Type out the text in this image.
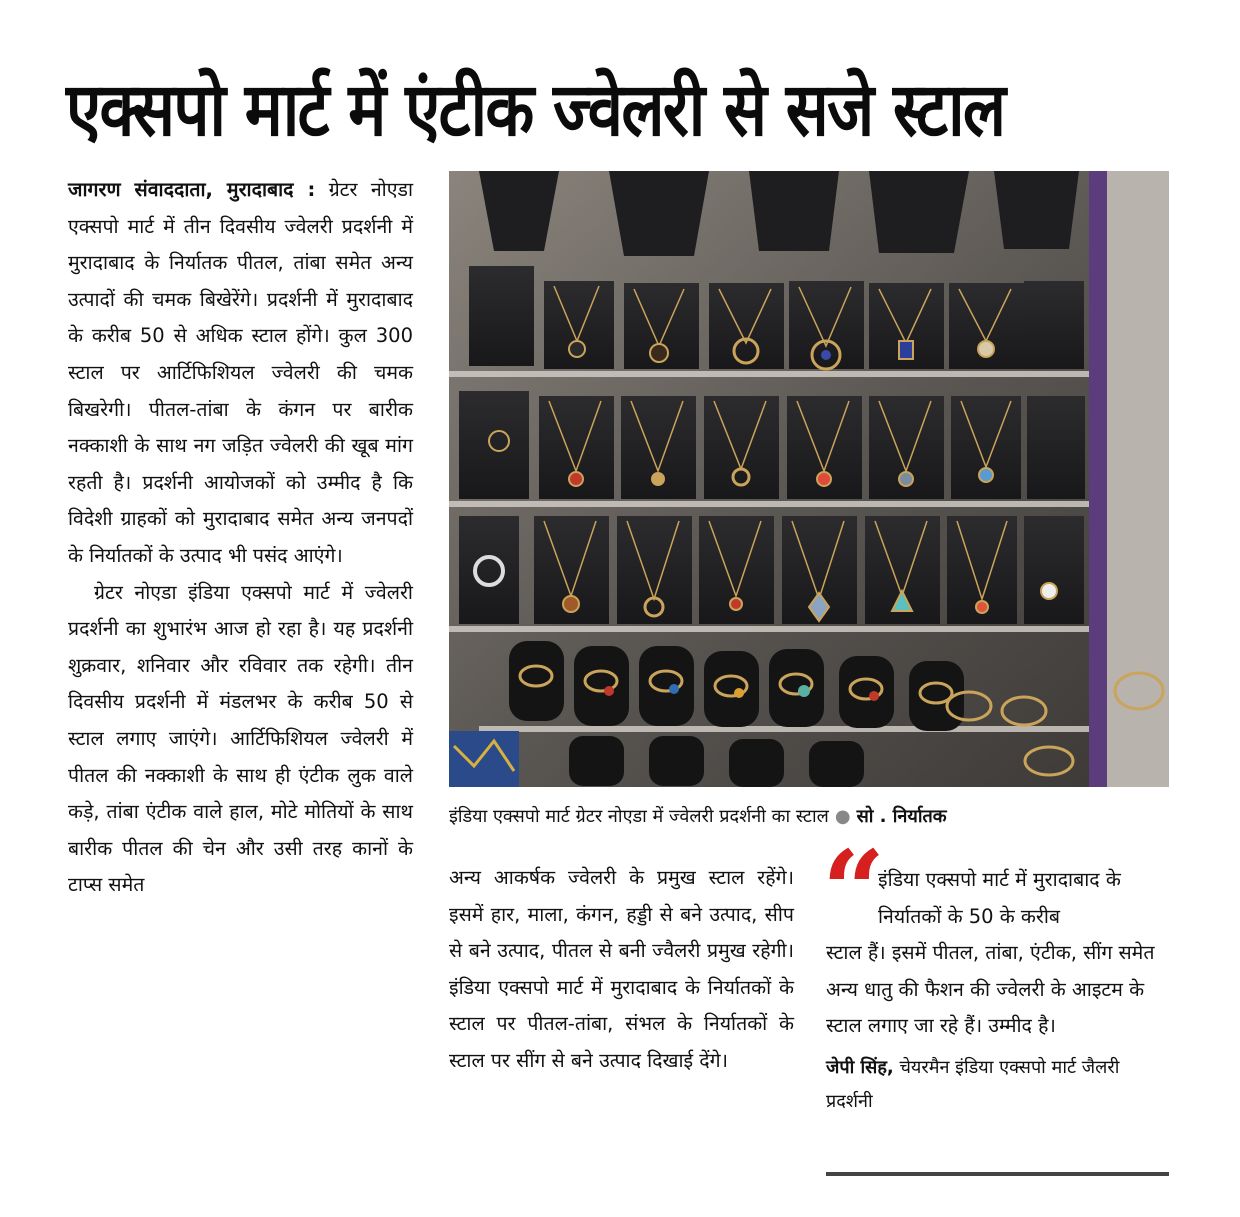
एक्सपो मार्ट में एंटीक ज्वेलरी से सजे स्टाल

जागरण संवाददाता, मुरादाबाद : ग्रेटर नोएडा एक्सपो मार्ट में तीन दिवसीय ज्वेलरी प्रदर्शनी में मुरादाबाद के निर्यातक पीतल, तांबा समेत अन्य उत्पादों की चमक बिखेरेंगे। प्रदर्शनी में मुरादाबाद के करीब 50 से अधिक स्टाल होंगे। कुल 300 स्टाल पर आर्टिफिशियल ज्वेलरी की चमक बिखरेगी। पीतल-तांबा के कंगन पर बारीक नक्काशी के साथ नग जड़ित ज्वेलरी की खूब मांग रहती है। प्रदर्शनी आयोजकों को उम्मीद है कि विदेशी ग्राहकों को मुरादाबाद समेत अन्य जनपदों के निर्यातकों के उत्पाद भी पसंद आएंगे।

ग्रेटर नोएडा इंडिया एक्सपो मार्ट में ज्वेलरी प्रदर्शनी का शुभारंभ आज हो रहा है। यह प्रदर्शनी शुक्रवार, शनिवार और रविवार तक रहेगी। तीन दिवसीय प्रदर्शनी में मंडलभर के करीब 50 से स्टाल लगाए जाएंगे। आर्टिफिशियल ज्वेलरी में पीतल की नक्काशी के साथ ही एंटीक लुक वाले कड़े, तांबा एंटीक वाले हाल, मोटे मोतियों के साथ बारीक पीतल की चेन और उसी तरह कानों के टाप्स समेत

इंडिया एक्सपो मार्ट ग्रेटर नोएडा में ज्वेलरी प्रदर्शनी का स्टाल ● सो . निर्यातक
अन्य आकर्षक ज्वेलरी के प्रमुख स्टाल रहेंगे। इसमें हार, माला, कंगन, हड्डी से बने उत्पाद, सीप से बने उत्पाद, पीतल से बनी ज्वैलरी प्रमुख रहेगी। इंडिया एक्सपो मार्ट में मुरादाबाद के निर्यातकों के स्टाल पर पीतल-तांबा, संभल के निर्यातकों के स्टाल पर सींग से बने उत्पाद दिखाई देंगे।
“

इंडिया एक्सपो मार्ट में मुरादाबाद के निर्यातकों के 50 के करीब
स्टाल हैं। इसमें पीतल, तांबा, एंटीक, सींग समेत अन्य धातु की फैशन की ज्वेलरी के आइटम के स्टाल लगाए जा रहे हैं। उम्मीद है।

जेपी सिंह, चेयरमैन इंडिया एक्सपो मार्ट जैलरी प्रदर्शनी
